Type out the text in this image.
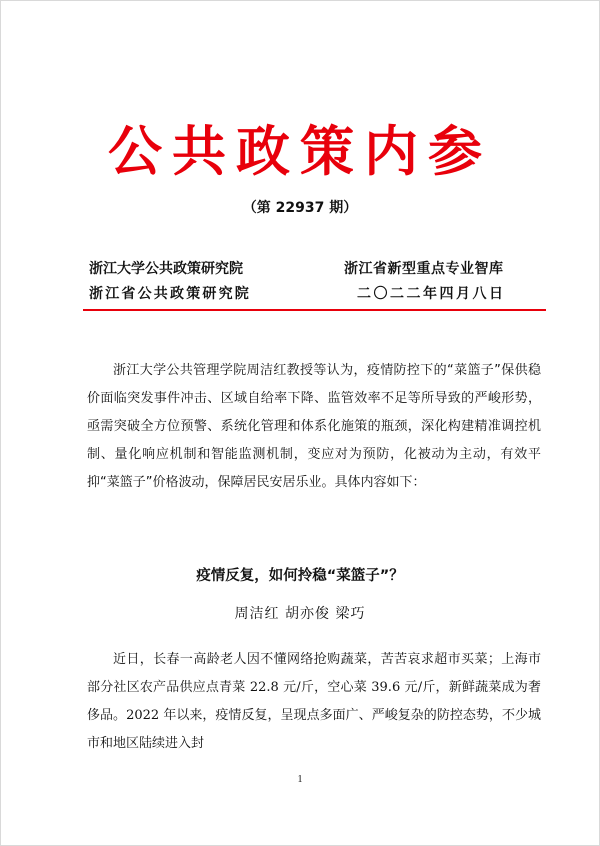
公共政策内参
（第 22937 期）
浙江大学公共政策研究院
浙江省公共政策研究院
浙江省新型重点专业智库
二〇二二年四月八日

浙江大学公共管理学院周洁红教授等认为，疫情防控下的“菜篮子”保供稳价面临突发事件冲击、区域自给率下降、监管效率不足等所导致的严峻形势，亟需突破全方位预警、系统化管理和体系化施策的瓶颈，深化构建精准调控机制、量化响应机制和智能监测机制，变应对为预防，化被动为主动，有效平抑“菜篮子”价格波动，保障居民安居乐业。具体内容如下：

疫情反复，如何拎稳“菜篮子”？
周洁红 胡亦俊 梁巧

近日，长春一高龄老人因不懂网络抢购蔬菜，苦苦哀求超市买菜；上海市部分社区农产品供应点青菜 22.8 元/斤，空心菜 39.6 元/斤，新鲜蔬菜成为奢侈品。2022 年以来，疫情反复，呈现点多面广、严峻复杂的防控态势，不少城市和地区陆续进入封

1
